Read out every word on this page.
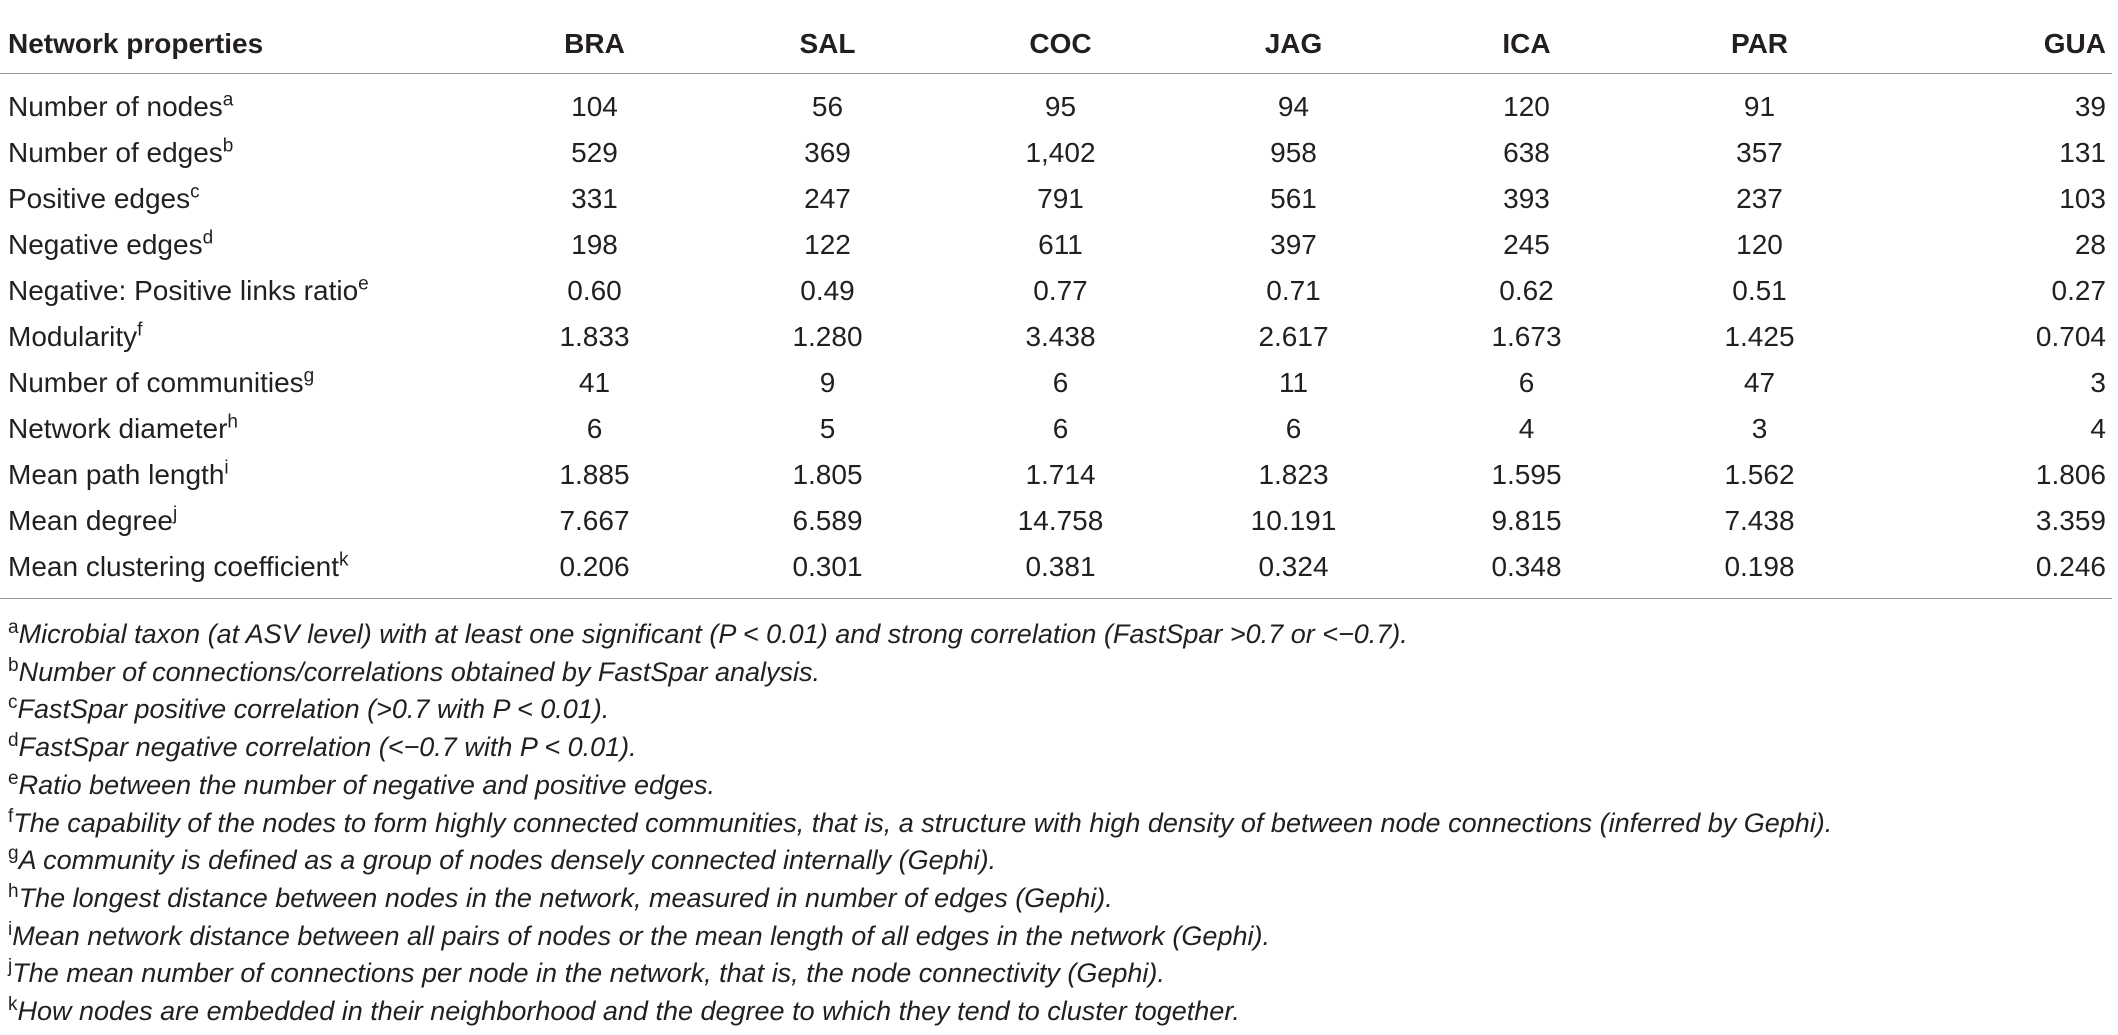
Network properties	BRA	SAL	COC	JAG	ICA	PAR	GUA
Number of nodes$^a$	104	56	95	94	120	91	39
Number of edges$^b$	529	369	1,402	958	638	357	131
Positive edges$^c$	331	247	791	561	393	237	103
Negative edges$^d$	198	122	611	397	245	120	28
Negative: Positive links ratio$^e$	0.60	0.49	0.77	0.71	0.62	0.51	0.27
Modularity$^f$	1.833	1.280	3.438	2.617	1.673	1.425	0.704
Number of communities$^g$	41	9	6	11	6	47	3
Network diameter$^h$	6	5	6	6	4	3	4
Mean path length$^i$	1.885	1.805	1.714	1.823	1.595	1.562	1.806
Mean degree$^j$	7.667	6.589	14.758	10.191	9.815	7.438	3.359
Mean clustering coefficient$^k$	0.206	0.301	0.381	0.324	0.348	0.198	0.246
$^a$Microbial taxon (at ASV level) with at least one significant (P < 0.01) and strong correlation (FastSpar >0.7 or <−0.7).
$^b$Number of connections/correlations obtained by FastSpar analysis.
$^c$FastSpar positive correlation (>0.7 with P < 0.01).
$^d$FastSpar negative correlation (<−0.7 with P < 0.01).
$^e$Ratio between the number of negative and positive edges.
$^f$The capability of the nodes to form highly connected communities, that is, a structure with high density of between node connections (inferred by Gephi).
$^g$A community is defined as a group of nodes densely connected internally (Gephi).
$^h$The longest distance between nodes in the network, measured in number of edges (Gephi).
$^i$Mean network distance between all pairs of nodes or the mean length of all edges in the network (Gephi).
$^j$The mean number of connections per node in the network, that is, the node connectivity (Gephi).
$^k$How nodes are embedded in their neighborhood and the degree to which they tend to cluster together.
